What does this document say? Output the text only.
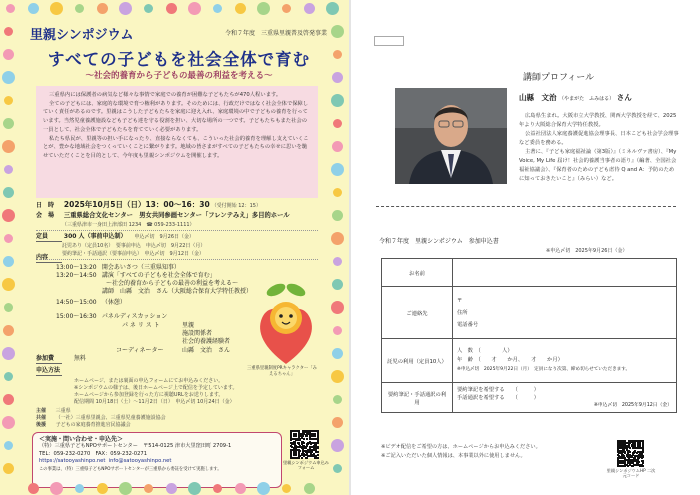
里親シンポジウム	令和７年度　三重県里親普及啓発事業
すべての子どもを社会全体で育む
～社会的養育から子どもの最善の利益を考える～

三重県内には保護者の病気など様々な事情で家庭での養育が困難な子どもたちが470人程います。

全ての子どもには、家庭的な環境で育つ権利があります。そのためには、行政だけではなく社会全体で保障していく責任があるのです。里親はこうした子どもたちを家庭に迎え入れ、家庭環境の中で子どもの養育を行っています。当然児童養護施設なども子ども達を守る役割を担い、大切な場所の一つです。子どもたちもまた社会の一員として、社会全体で子どもたちを育てていく必要があります。

私たち県民が、里親等の担い手になったり、直接ならなくても、こういった社会的養育を理解し支えていくことが、豊かな地域社会をつくっていくことに繋がります。地域の皆さまがすべての子どもたちの幸せに思いを馳せていただくことを目的として、今年度も里親シンポジウムを開催します。

日　時 2025年10月5日（日）13：00～16：30 （受付開始 12：15）
会　場 三重県総合文化センター　男女共同参画センター「フレンテみえ」多目的ホール
（三重県津市一身田上津部田 1234　☎ 059-233-1111）
定員	300 人（事前申込制） 申込〆切　9月26日（金）
託児あり（定員10名）　要事前申込　申込〆切　9月22日（月）
要約筆記・手話通訳（要事前申込）　申込〆切　9月12日（金）
内容
13:00～13:20 開会あいさつ（三重県知事）
13:20～14:50 講演「すべての子どもを社会全体で育む」
～社会的養育から子どもの最善の利益を考える～
講師　山縣　文治　さん（大阪総合保育大学特任教授）
14:50～15:00 （休憩）
15:00～16:30 パネルディスカッション
パ ネ リ ス ト	里親
施設関係者
社会的養護経験者
コーディネーター	山縣　文治　さん
参加費	無料
申込方法
ホームページ、または裏面の申込フォームにてお申込みください。
※シンポジウムの様子は、後日ホームページ上で配信を予定しています。
ホームページから参加登録を行った方に視聴URLをお送りします。
配信期間 10月18日（土）～11月2日（日）　申込〆切 10月24日（金）
主催 三重県
共催 （一社）三重県里親会、三重県児童養護施設協会
後援 子どもの家庭養育推進官民協議会
＜実施・問い合わせ・申込先＞
（特）三重県子どもNPOサポートセンター　〒514-0125 津市大里窪田町 2709-1
TEL：059-232-0270　FAX：059-232-0271
https://satooyashinpo.net info@satooyashinpo.net
この事業は、（特）三重県子どもNPOサポートセンターが三重県から委託を受けて実施します。
里親シンポジウム申込みフォーム
三重県里親制度PRキャラクター「みえるちゃん」
講師プロフィール
山縣　文治 （やまがた　ふみはる） さん

広島県生まれ。大阪市立大学教授、関西大学教授を経て、2025年より大阪総合保育大学特任教授。

公益社団法人家庭養護促進協会理事長、日本こども社会学会理事など委員を務める。

主著に、『子ども家庭福祉論（第3版）』（ミネルヴァ書房）、『My Voice, My Life 届け！社会的養護当事者の語り』（編著、全国社会福祉協議会）、『保育者のための子ども虐待 Q and A：予防のために知っておきたいこと』（みらい）など。

令和７年度　里親シンポジウム　参加申込書
※申込〆切　2025年9月26日（金）
お名前	
ご連絡先	〒
住所
電話番号

託児の利用（定員10人）	人　数　（　　　　人）
年　齢　（　　才　　か月、　　才　　か月）
※申込〆切　2025年9月22日（月）　定員になり次第、締め切らせていただきます。

要約筆記・手話通訳の利用	要約筆記を希望する　　（　　　）
手話通訳を希望する　　（　　　）
※申込〆切　2025年9月12日（金）
※ビデオ配信をご希望の方は、ホームページからお申込みください。
※ご記入いただいた個人情報は、本事業以外に使用しません。
里親シンポジウムHP 二次元コード
